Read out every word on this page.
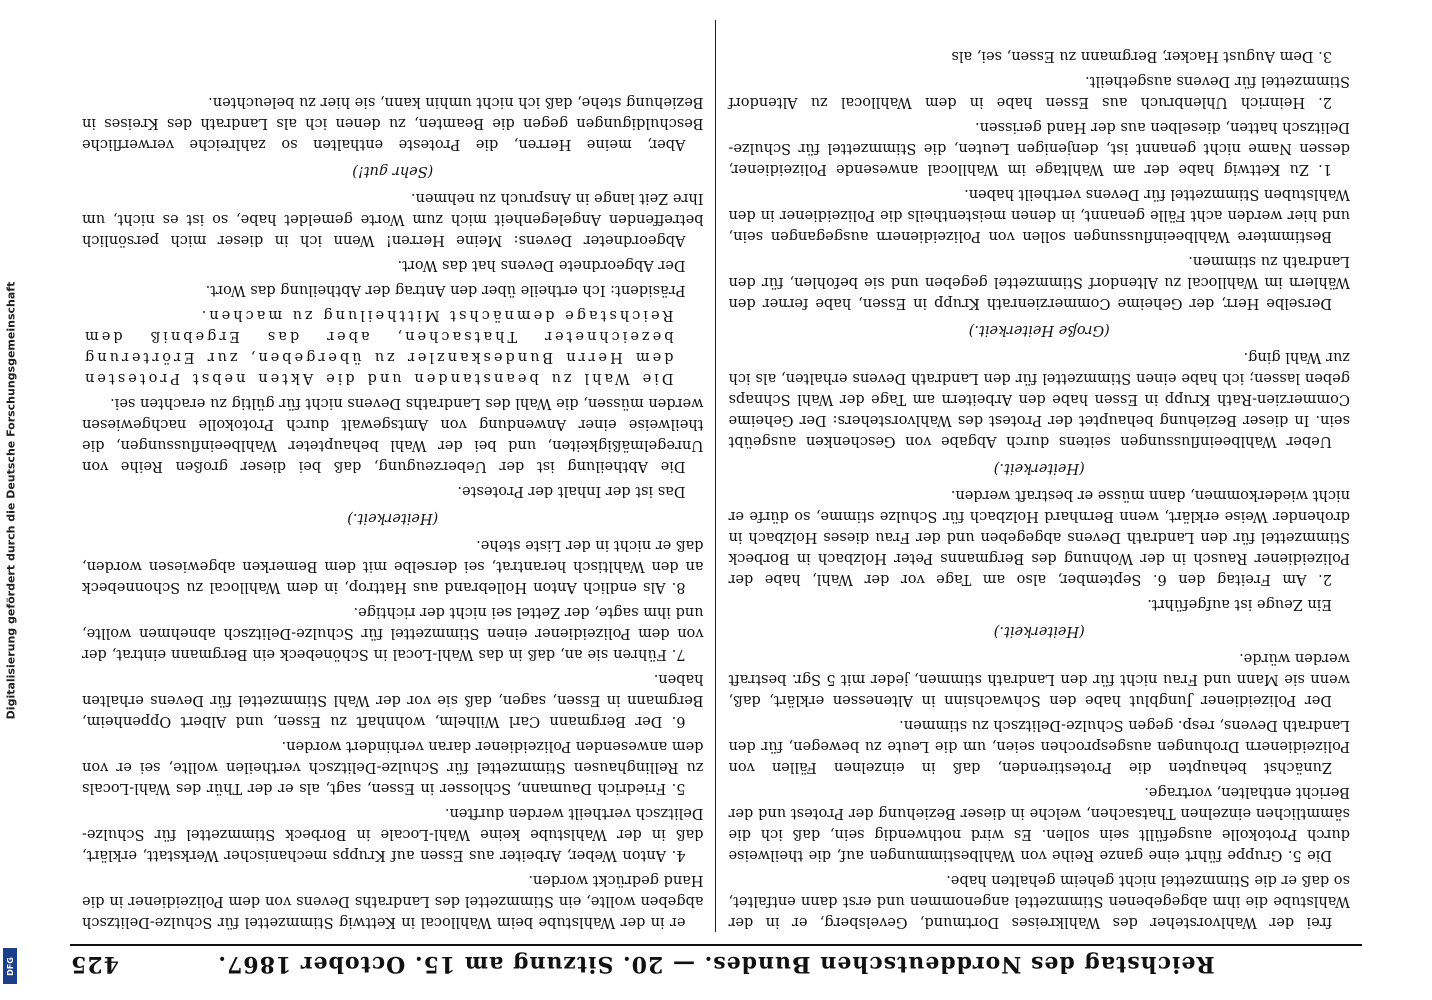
Reichstag des Norddeutschen Bundes. — 20. Sitzung am 15. October 1867.
425

frei der Wahlvorsteher des Wahlkreises Dortmund, Gevelsberg, er in der Wahlstube die ihm abgegebenen Stimmzettel angenommen und erst dann entfaltet, so daß er die Stimmzettel nicht geheim gehalten habe.

Die 5. Gruppe führt eine ganze Reihe von Wahlbestimmungen auf, die theilweise durch Protokolle ausgefüllt sein sollen. Es wird nothwendig sein, daß ich die sämmtlichen einzelnen Thatsachen, welche in dieser Beziehung der Protest und der Bericht enthalten, vortrage.

Zunächst behaupten die Protestirenden, daß in einzelnen Fällen von Polizeidienern Drohungen ausgesprochen seien, um die Leute zu bewegen, für den Landrath Devens, resp. gegen Schulze-Delitzsch zu stimmen.

Der Polizeidiener Jungblut habe den Schwachsinn in Altenessen erklärt, daß, wenn sie Mann und Frau nicht für den Landrath stimmen, jeder mit 5 Sgr. bestraft werden würde.

(Heiterkeit.)

Ein Zeuge ist aufgeführt.

2. Am Freitag den 6. September, also am Tage vor der Wahl, habe der Polizeidiener Rausch in der Wohnung des Bergmanns Peter Holzbach in Borbeck Stimmzettel für den Landrath Devens abgegeben und der Frau dieses Holzbach in drohender Weise erklärt, wenn Bernhard Holzbach für Schulze stimme, so dürfe er nicht wiederkommen, dann müsse er bestraft werden.

(Heiterkeit.)

Ueber Wahlbeeinflussungen seitens durch Abgabe von Geschenken ausgeübt sein. In dieser Beziehung behauptet der Protest des Wahlvorstehers: Der Geheime Commerzien-Rath Krupp in Essen habe den Arbeitern am Tage der Wahl Schnaps geben lassen; ich habe einen Stimmzettel für den Landrath Devens erhalten, als ich zur Wahl ging.

(Große Heiterkeit.)

Derselbe Herr, der Geheime Commerzienrath Krupp in Essen, habe ferner den Wählern im Wahllocal zu Altendorf Stimmzettel gegeben und sie befohlen, für den Landrath zu stimmen.

Bestimmtere Wahlbeeinflussungen sollen von Polizeidienern ausgegangen sein, und hier werden acht Fälle genannt, in denen meistentheils die Polizeidiener in den Wahlstuben Stimmzettel für Devens vertheilt haben.

1. Zu Kettwig habe der am Wahltage im Wahllocal anwesende Polizeidiener, dessen Name nicht genannt ist, denjenigen Leuten, die Stimmzettel für Schulze-Delitzsch hatten, dieselben aus der Hand gerissen.

2. Heinrich Uhlenbruch aus Essen habe in dem Wahllocal zu Altendorf Stimmzettel für Devens ausgetheilt.

3. Dem August Hacker, Bergmann zu Essen, sei, als

er in der Wahlstube beim Wahllocal in Kettwig Stimmzettel für Schulze-Delitzsch abgeben wollte, ein Stimmzettel des Landraths Devens von dem Polizeidiener in die Hand gedrückt worden.

4. Anton Weber, Arbeiter aus Essen auf Krupps mechanischer Werkstatt, erklärt, daß in der Wahlstube keine Wahl-Locale in Borbeck Stimmzettel für Schulze-Delitzsch vertheilt werden durften.

5. Friedrich Daumann, Schlosser in Essen, sagt, als er der Thür des Wahl-Locals zu Rellinghausen Stimmzettel für Schulze-Delitzsch vertheilen wollte, sei er von dem anwesenden Polizeidiener daran verhindert worden.

6. Der Bergmann Carl Wilhelm, wohnhaft zu Essen, und Albert Oppenheim, Bergmann in Essen, sagen, daß sie vor der Wahl Stimmzettel für Devens erhalten haben.

7. Führen sie an, daß in das Wahl-Local in Schönebeck ein Bergmann eintrat, der von dem Polizeidiener einen Stimmzettel für Schulze-Delitzsch abnehmen wollte, und ihm sagte, der Zettel sei nicht der richtige.

8. Als endlich Anton Hollebrand aus Hattrop, in dem Wahllocal zu Schonnebeck an den Wahltisch herantrat, sei derselbe mit dem Bemerken abgewiesen worden, daß er nicht in der Liste stehe.

(Heiterkeit.)

Das ist der Inhalt der Proteste.

Die Abtheilung ist der Ueberzeugung, daß bei dieser großen Reihe von Unregelmäßigkeiten, und bei der Wahl behaupteter Wahlbeeinflussungen, die theilweise einer Anwendung von Amtsgewalt durch Protokolle nachgewiesen werden müssen, die Wahl des Landraths Devens nicht für gültig zu erachten sei.

Die Wahl zu beanstanden und die Akten nebst Protesten dem Herrn Bundeskanzler zu übergeben, zur Erörterung bezeichneter Thatsachen, aber das Ergebniß dem Reichstage demnächst Mittheilung zu machen.

Präsident: Ich ertheile über den Antrag der Abtheilung das Wort.

Der Abgeordnete Devens hat das Wort.

Abgeordneter Devens: Meine Herren! Wenn ich in dieser mich persönlich betreffenden Angelegenheit mich zum Worte gemeldet habe, so ist es nicht, um Ihre Zeit lange in Anspruch zu nehmen.

(Sehr gut!)

Aber, meine Herren, die Proteste enthalten so zahlreiche verwerfliche Beschuldigungen gegen die Beamten, zu denen ich als Landrath des Kreises in Beziehung stehe, daß ich nicht umhin kann, sie hier zu beleuchten.

Digitalisierung gefördert durch die Deutsche Forschungsgemeinschaft
DFG
